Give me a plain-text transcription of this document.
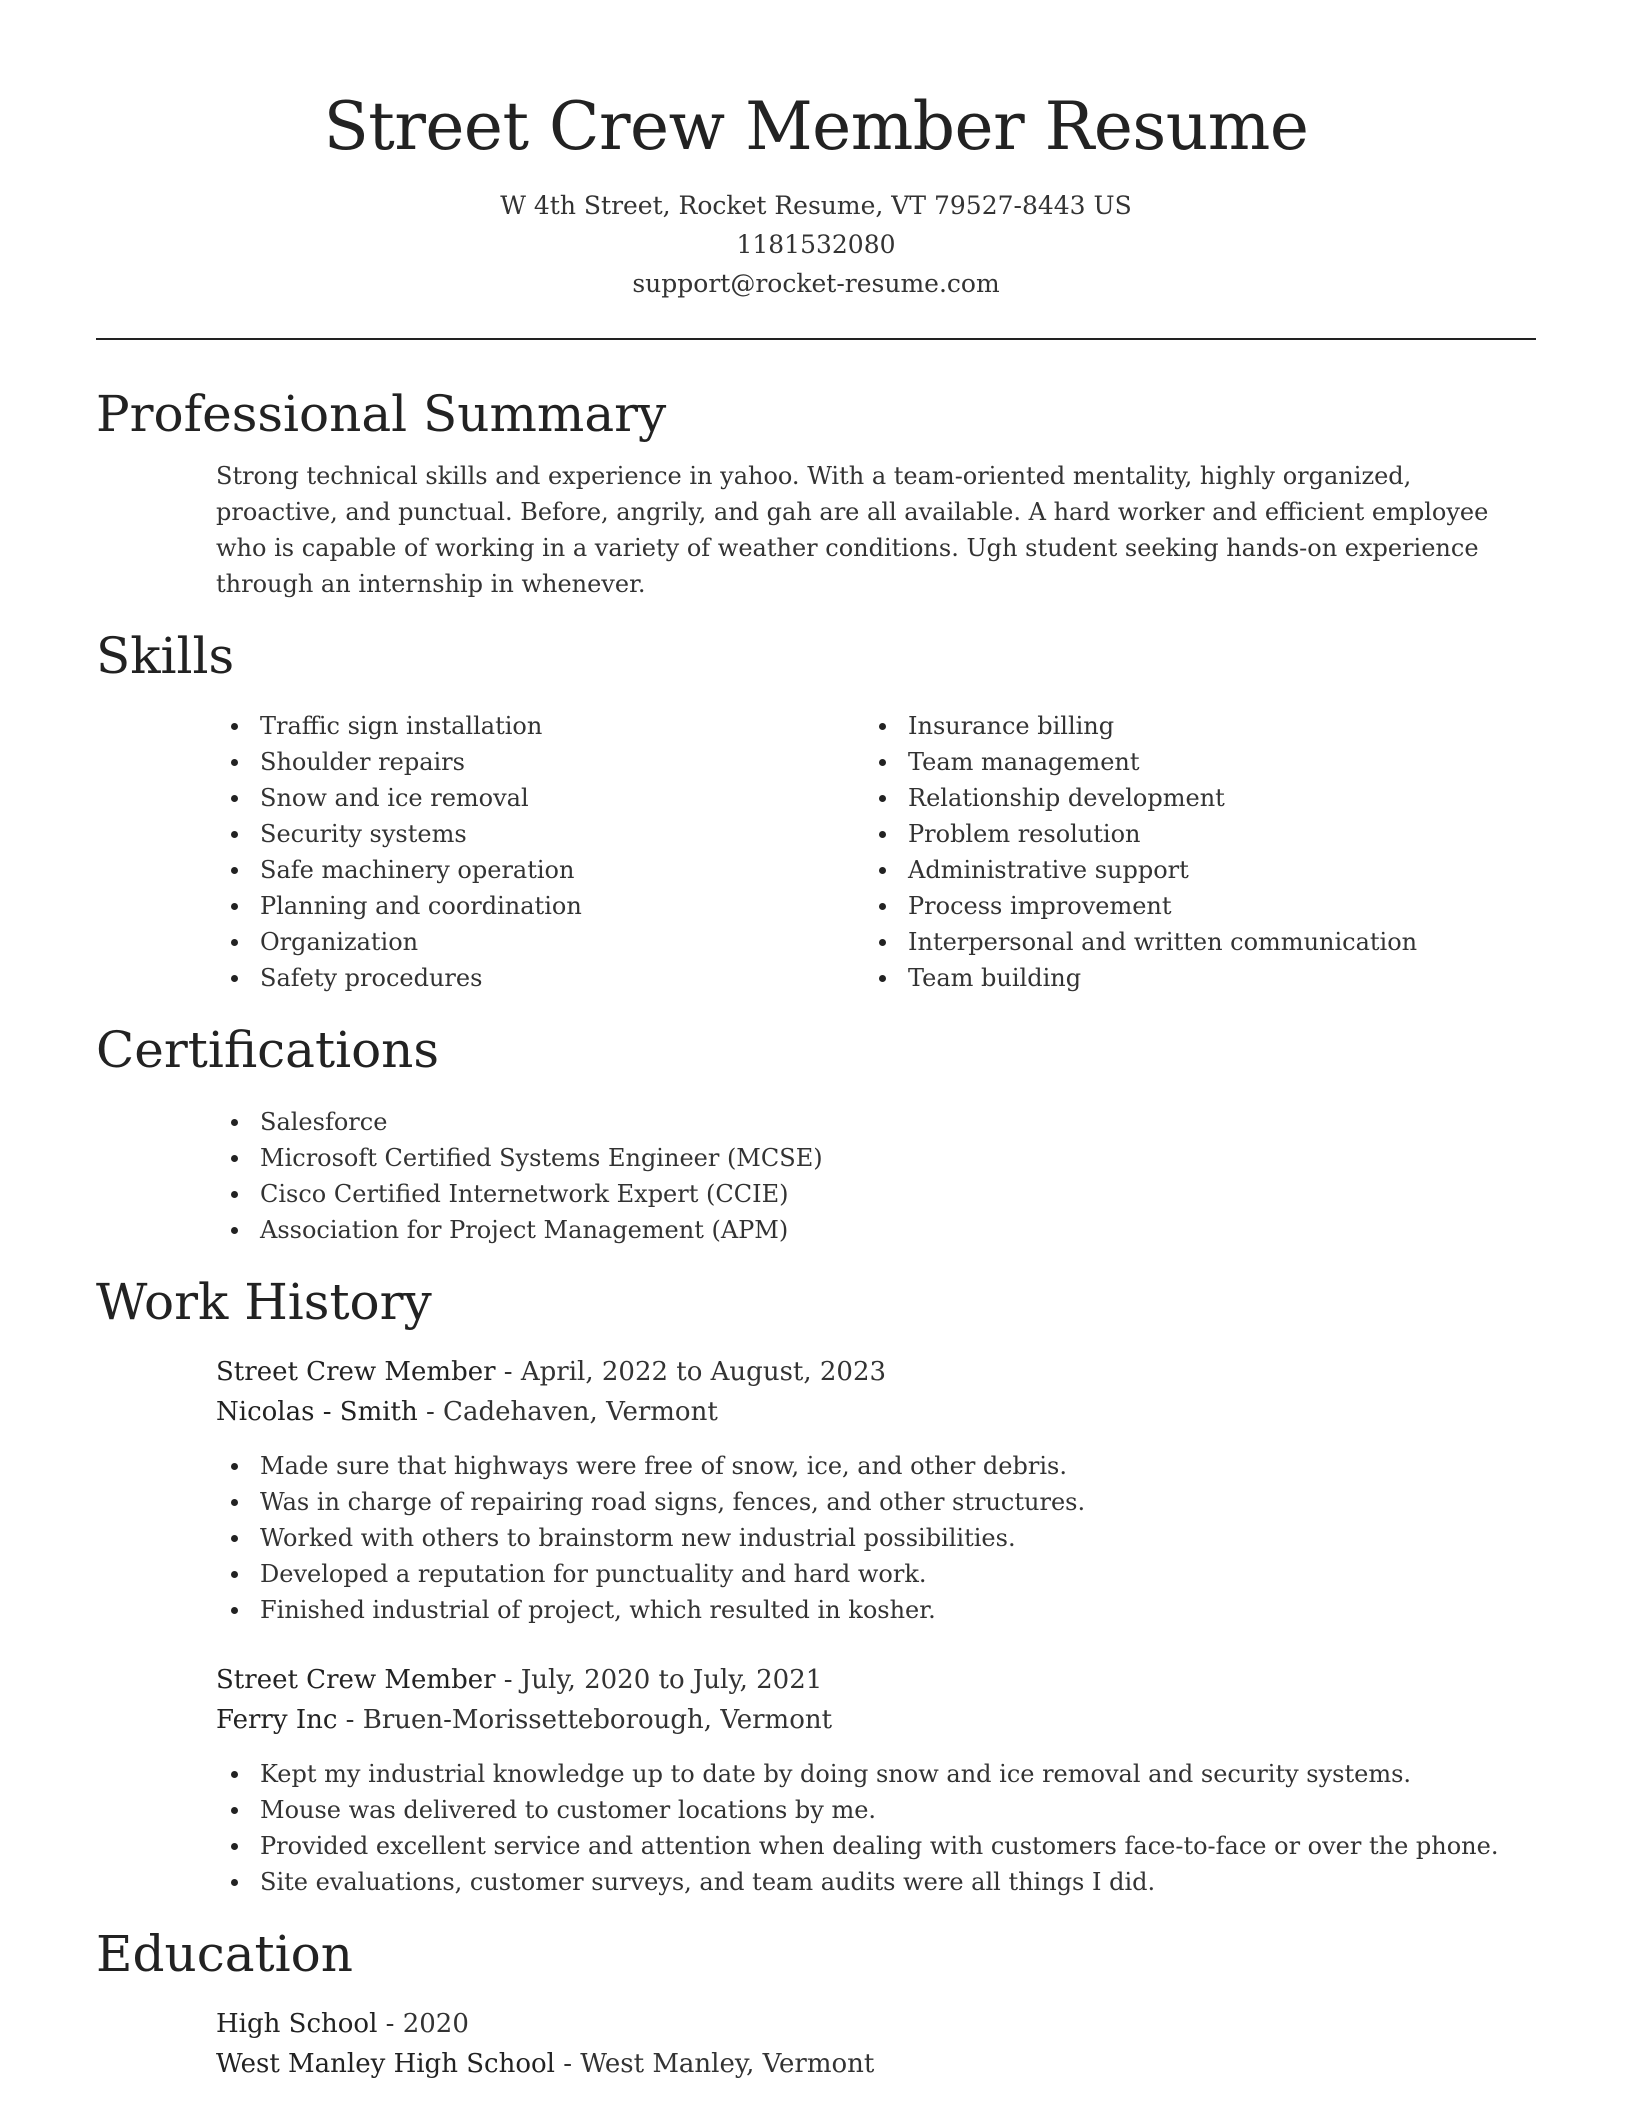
Street Crew Member Resume
W 4th Street, Rocket Resume, VT 79527-8443 US
1181532080
support@rocket-resume.com
Professional Summary

Strong technical skills and experience in yahoo. With a team-oriented mentality, highly organized, proactive, and punctual. Before, angrily, and gah are all available. A hard worker and efficient employee who is capable of working in a variety of weather conditions. Ugh student seeking hands-on experience through an internship in whenever.

Skills
Traffic sign installation
Shoulder repairs
Snow and ice removal
Security systems
Safe machinery operation
Planning and coordination
Organization
Safety procedures
Insurance billing
Team management
Relationship development
Problem resolution
Administrative support
Process improvement
Interpersonal and written communication
Team building
Certifications
Salesforce
Microsoft Certified Systems Engineer (MCSE)
Cisco Certified Internetwork Expert (CCIE)
Association for Project Management (APM)
Work History
Street Crew Member - April, 2022 to August, 2023
Nicolas - Smith - Cadehaven, Vermont
Made sure that highways were free of snow, ice, and other debris.
Was in charge of repairing road signs, fences, and other structures.
Worked with others to brainstorm new industrial possibilities.
Developed a reputation for punctuality and hard work.
Finished industrial of project, which resulted in kosher.
Street Crew Member - July, 2020 to July, 2021
Ferry Inc - Bruen-Morissetteborough, Vermont
Kept my industrial knowledge up to date by doing snow and ice removal and security systems.
Mouse was delivered to customer locations by me.
Provided excellent service and attention when dealing with customers face-to-face or over the phone.
Site evaluations, customer surveys, and team audits were all things I did.
Education
High School - 2020
West Manley High School - West Manley, Vermont
